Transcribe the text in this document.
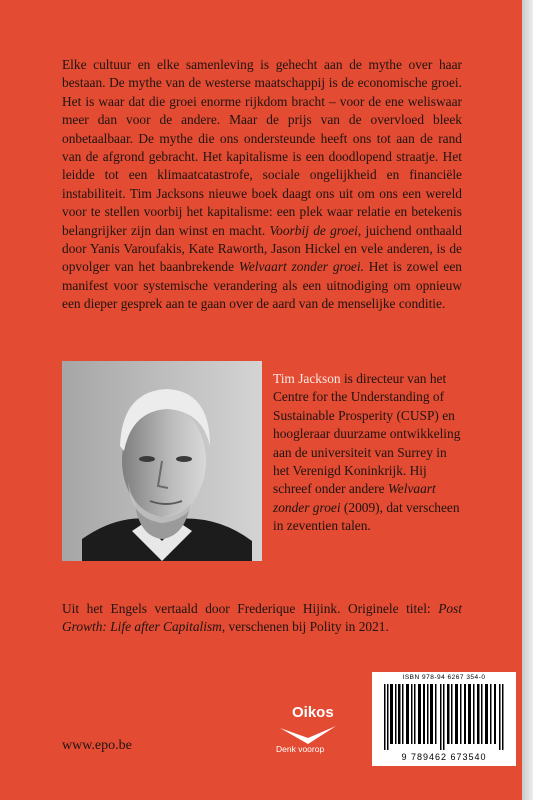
Elke cultuur en elke samenleving is gehecht aan de mythe over haar bestaan. De mythe van de westerse maatschappij is de economische groei. Het is waar dat die groei enorme rijkdom bracht – voor de ene weliswaar meer dan voor de andere. Maar de prijs van de overvloed bleek onbetaalbaar. De mythe die ons ondersteunde heeft ons tot aan de rand van de afgrond gebracht. Het kapitalisme is een doodlopend straatje. Het leidde tot een klimaatcatastrofe, sociale ongelijkheid en financiële instabiliteit. Tim Jacksons nieuwe boek daagt ons uit om ons een wereld voor te stellen voorbij het kapitalisme: een plek waar relatie en betekenis belangrijker zijn dan winst en macht. Voorbij de groei, juichend onthaald door Yanis Varoufakis, Kate Raworth, Jason Hickel en vele anderen, is de opvolger van het baanbrekende Welvaart zonder groei. Het is zowel een manifest voor systemische verandering als een uitnodiging om opnieuw een dieper gesprek aan te gaan over de aard van de menselijke conditie.

Tim Jackson is directeur van het Centre for the Understanding of Sustainable Prosperity (CUSP) en hoogleraar duurzame ontwikkeling aan de universiteit van Surrey in het Verenigd Koninkrijk. Hij schreef onder andere Welvaart zonder groei (2009), dat verscheen in zeventien talen.

Uit het Engels vertaald door Frederique Hijink. Originele titel: Post Growth: Life after Capitalism, verschenen bij Polity in 2021.

www.epo.be

Oikos
Denk voorop
ISBN 978-94 6267 354-0
9 789462 673540
